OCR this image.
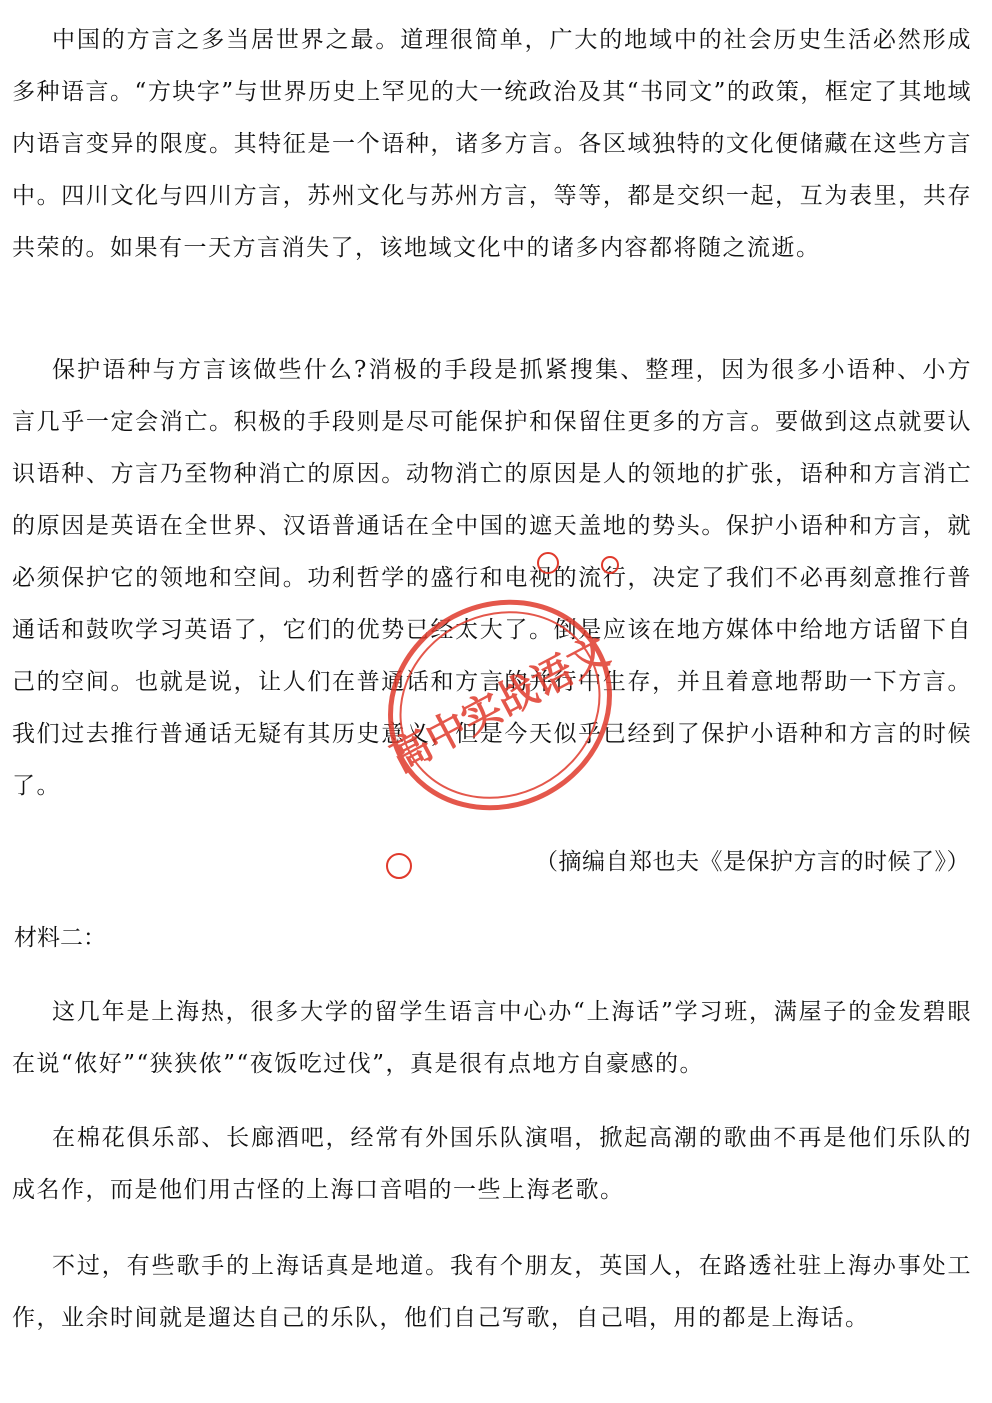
中国的方言之多当居世界之最。道理很简单，广大的地域中的社会历史生活必然形成多种语言。“方块字”与世界历史上罕见的大一统政治及其“书同文”的政策，框定了其地域内语言变异的限度。其特征是一个语种，诸多方言。各区域独特的文化便储藏在这些方言中。四川文化与四川方言，苏州文化与苏州方言，等等，都是交织一起，互为表里，共存共荣的。如果有一天方言消失了，该地域文化中的诸多内容都将随之流逝。

保护语种与方言该做些什么?消极的手段是抓紧搜集、整理，因为很多小语种、小方言几乎一定会消亡。积极的手段则是尽可能保护和保留住更多的方言。要做到这点就要认识语种、方言乃至物种消亡的原因。动物消亡的原因是人的领地的扩张，语种和方言消亡的原因是英语在全世界、汉语普通话在全中国的遮天盖地的势头。保护小语种和方言，就必须保护它的领地和空间。功利哲学的盛行和电视的流行，决定了我们不必再刻意推行普通话和鼓吹学习英语了，它们的优势已经太大了。倒是应该在地方媒体中给地方话留下自己的空间。也就是说，让人们在普通话和方言的并行中生存，并且着意地帮助一下方言。我们过去推行普通话无疑有其历史意义，但是今天似乎已经到了保护小语种和方言的时候了。

（摘编自郑也夫《是保护方言的时候了》）
材料二：

这几年是上海热，很多大学的留学生语言中心办“上海话”学习班，满屋子的金发碧眼在说“侬好”“狭狭侬”“夜饭吃过伐”，真是很有点地方自豪感的。

在棉花俱乐部、长廊酒吧，经常有外国乐队演唱，掀起高潮的歌曲不再是他们乐队的成名作，而是他们用古怪的上海口音唱的一些上海老歌。

不过，有些歌手的上海话真是地道。我有个朋友，英国人，在路透社驻上海办事处工作，业余时间就是遛达自己的乐队，他们自己写歌，自己唱，用的都是上海话。

高中实战语文
